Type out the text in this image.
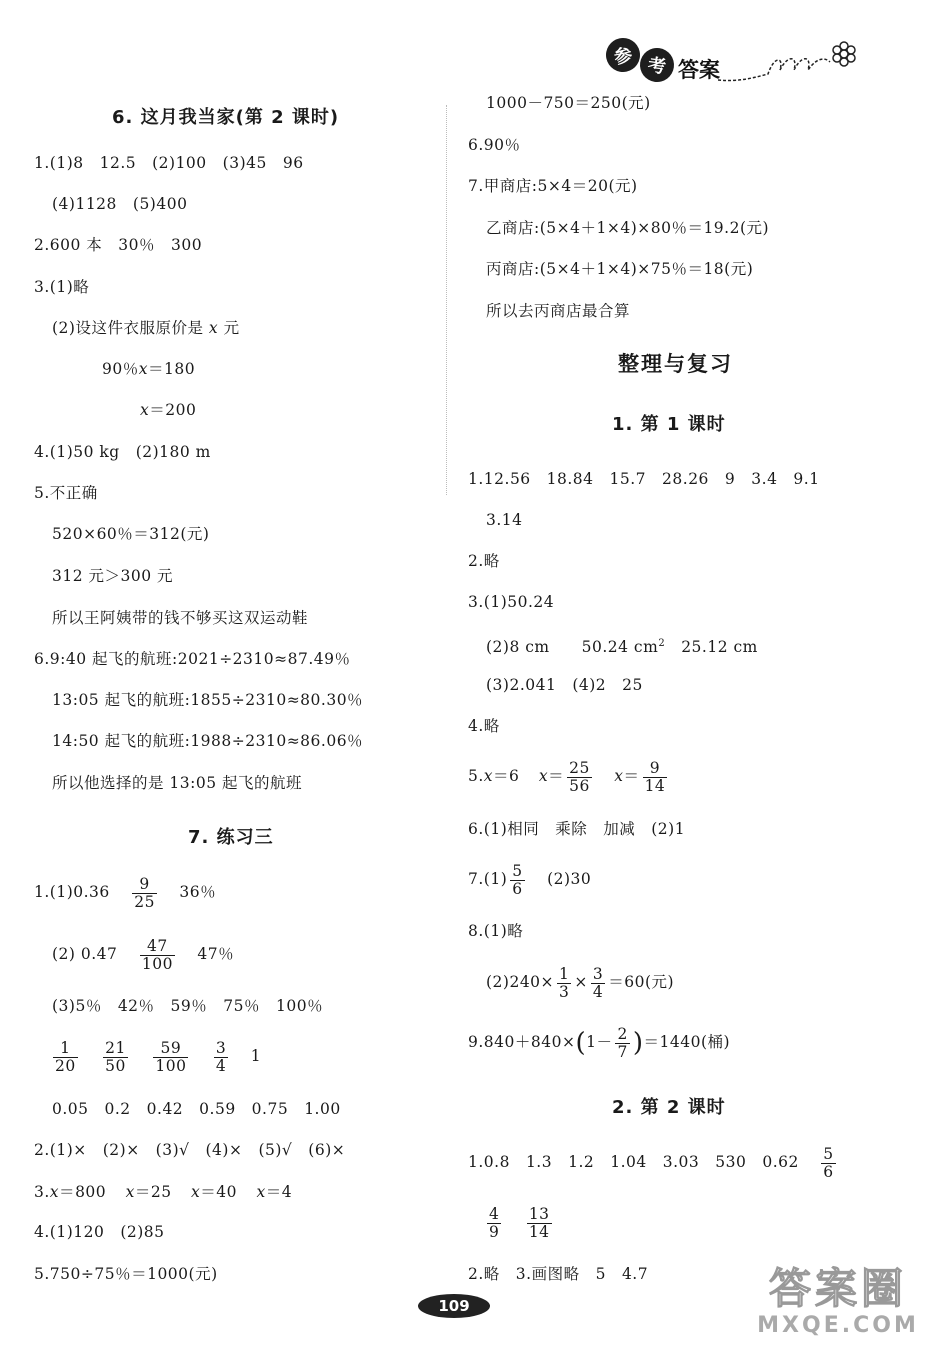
参 考 答案
6. 这月我当家(第 2 课时)
1.(1)8　12.5　(2)100　(3)45　96
(4)1128　(5)400
2.600 本　30％　300
3.(1)略
(2)设这件衣服原价是 x 元
90％x＝180
x＝200
4.(1)50 kg　(2)180 m
5.不正确
520×60％＝312(元)
312 元＞300 元
所以王阿姨带的钱不够买这双运动鞋
6.9:40 起飞的航班:2021÷2310≈87.49％
13:05 起飞的航班:1855÷2310≈80.30％
14:50 起飞的航班:1988÷2310≈86.06％
所以他选择的是 13:05 起飞的航班
7. 练习三
$1.(1)0.36 \frac{9}{25} 36$％
(2) $0.47 \frac{47}{100} 47$％
(3)5％　42％　59％　75％　100％
$\frac{1}{20}$
$\frac{21}{50}$
$\frac{59}{100}$
$\frac{3}{4} 1$
0.05　0.2　0.42　0.59　0.75　1.00
2.(1)×　(2)×　(3)√　(4)×　(5)√　(6)×
3.x＝800 x＝25 x＝40 x＝4
4.(1)120　(2)85
5.750÷75％＝1000(元)
1000－750＝250(元)
6.90％
7.甲商店:5×4＝20(元)
乙商店:(5×4＋1×4)×80％＝19.2(元)
丙商店:(5×4＋1×4)×75％＝18(元)
所以去丙商店最合算
整理与复习
1. 第 1 课时
1.12.56　18.84　15.7　28.26　9　3.4　9.1
3.14
2.略
3.(1)50.24
(2)8 cm　　50.24 $cm^2$　25.12 cm
(3)2.041　(4)2　25
4.略
5.x＝6 $x= \frac{25}{56} x= \frac{9}{14}$
6.(1)相同　乘除　加减　(2)1
$7.(1) \frac{5}{6} (2)30$
8.(1)略
$(2)240\times \frac{1}{3} \times \frac{3}{4} =60$(元)
$9.840+840\times(1- \frac{2}{7} )=1440$(桶)
2. 第 2 课时
1.0.8　1.3　1.2　1.04　3.03　530　$0.62 \frac{5}{6}$
$\frac{4}{9}$
$\frac{13}{14}$
2.略　3.画图略　5　4.7
109	答案圈
MXQE.COM
